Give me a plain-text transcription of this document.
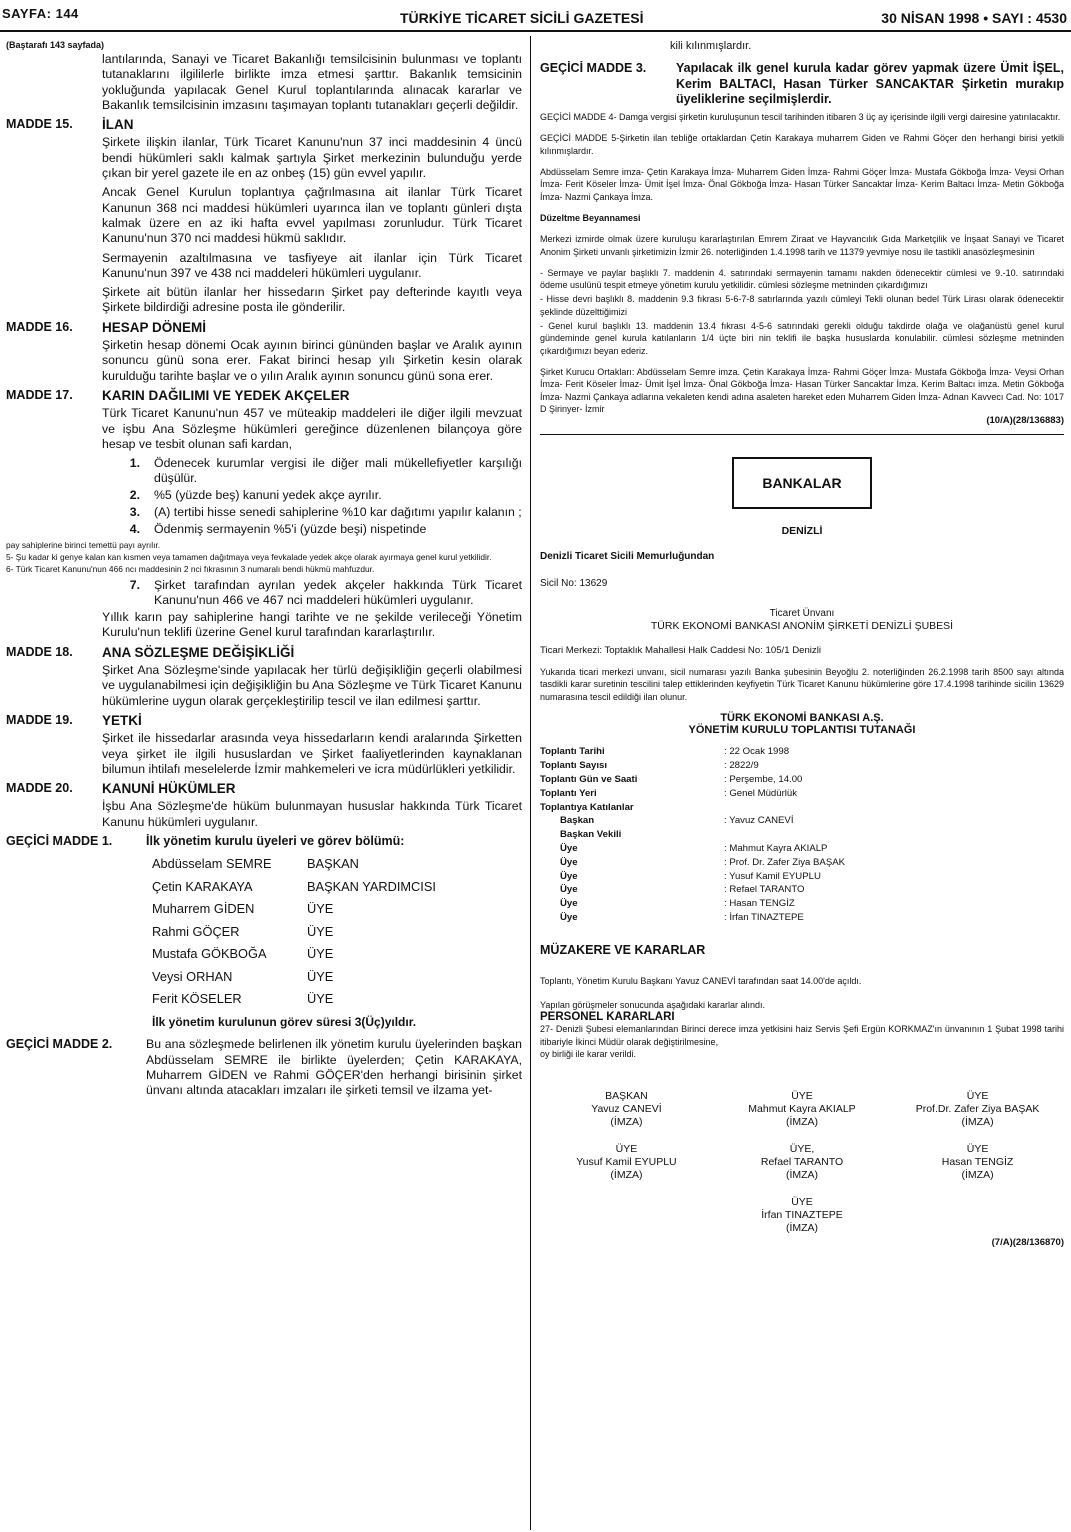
SAYFA: 144	TÜRKİYE TİCARET SİCİLİ GAZETESİ	30 NİSAN 1998 • SAYI : 4530
(Baştarafı 143 sayfada)

lantılarında, Sanayi ve Ticaret Bakanlığı temsilcisinin bulunması ve toplantı tutanaklarını ilgililerle birlikte imza etmesi şarttır. Bakanlık temsicinin yokluğunda yapılacak Genel Kurul toplantılarında alınacak kararlar ve Bakanlık temsilcisinin imzasını taşımayan toplantı tutanakları geçerli değildir.

MADDE 15.	İLAN

Şirkete ilişkin ilanlar, Türk Ticaret Kanunu'nun 37 inci maddesinin 4 üncü bendi hükümleri saklı kalmak şartıyla Şirket merkezinin bulunduğu yerde çıkan bir yerel gazete ile en az onbeş (15) gün evvel yapılır.

Ancak Genel Kurulun toplantıya çağrılmasına ait ilanlar Türk Ticaret Kanunun 368 nci maddesi hükümleri uyarınca ilan ve toplantı günleri dışta kalmak üzere en az iki hafta evvel yapılması zorunludur. Türk Ticaret Kanunu'nun 370 nci maddesi hükmü saklıdır.

Sermayenin azaltılmasına ve tasfiyeye ait ilanlar için Türk Ticaret Kanunu'nun 397 ve 438 nci maddeleri hükümleri uygulanır.

Şirkete ait bütün ilanlar her hissedarın Şirket pay defterinde kayıtlı veya Şirkete bildirdiği adresine posta ile gönderilir.

MADDE 16.	HESAP DÖNEMİ

Şirketin hesap dönemi Ocak ayının birinci gününden başlar ve Aralık ayının sonuncu günü sona erer. Fakat birinci hesap yılı Şirketin kesin olarak kurulduğu tarihte başlar ve o yılın Aralık ayının sonuncu günü sona erer.

MADDE 17.	KARIN DAĞILIMI VE YEDEK AKÇELER

Türk Ticaret Kanunu'nun 457 ve müteakip maddeleri ile diğer ilgili mevzuat ve işbu Ana Sözleşme hükümleri gereğince düzenlenen bilançoya göre hesap ve tesbit olunan safi kardan,

1.	Ödenecek kurumlar vergisi ile diğer mali mükellefiyetler karşılığı düşülür.
2.	%5 (yüzde beş) kanuni yedek akçe ayrılır.
3.	(A) tertibi hisse senedi sahiplerine %10 kar dağıtımı yapılır kalanın ;
4.	Ödenmiş sermayenin %5'i (yüzde beşi) nispetinde

pay sahiplerine birinci temettü payı ayrılır.

5- Şu kadar ki genye kalan kan kısmen veya tamamen dağıtmaya veya fevkalade yedek akçe olarak ayırmaya genel kurul yetkilidir.

6- Türk Ticaret Kanunu'nun 466 ncı maddesinin 2 nci fıkrasının 3 numaralı bendi hükmü mahfuzdur.

7.	Şirket tarafından ayrılan yedek akçeler hakkında Türk Ticaret Kanunu'nun 466 ve 467 nci maddeleri hükümleri uygulanır.

Yıllık karın pay sahiplerine hangi tarihte ve ne şekilde verileceği Yönetim Kurulu'nun teklifi üzerine Genel kurul tarafından kararlaştırılır.

MADDE 18.	ANA SÖZLEŞME DEĞİŞİKLİĞİ

Şirket Ana Sözleşme'sinde yapılacak her türlü değişikliğin geçerli olabilmesi ve uygulanabilmesi için değişikliğin bu Ana Sözleşme ve Türk Ticaret Kanunu hükümlerine uygun olarak gerçekleştirilip tescil ve ilan edilmesi şarttır.

MADDE 19.	YETKİ

Şirket ile hissedarlar arasında veya hissedarların kendi aralarında Şirketten veya şirket ile ilgili hususlardan ve Şirket faaliyetlerinden kaynaklanan bilumun ihtilafı meselelerde İzmir mahkemeleri ve icra müdürlükleri yetkilidir.

MADDE 20.	KANUNİ HÜKÜMLER

İşbu Ana Sözleşme'de hüküm bulunmayan hususlar hakkında Türk Ticaret Kanunu hükümleri uygulanır.

GEÇİCİ MADDE 1.	İlk yönetim kurulu üyeleri ve görev bölümü:
Abdüsselam SEMRE	BAŞKAN
Çetin KARAKAYA	BAŞKAN YARDIMCISI
Muharrem GİDEN	ÜYE
Rahmi GÖÇER	ÜYE
Mustafa GÖKBOĞA	ÜYE
Veysi ORHAN	ÜYE
Ferit KÖSELER	ÜYE
İlk yönetim kurulunun görev süresi 3(Üç)yıldır.
GEÇİCİ MADDE 2.	Bu ana sözleşmede belirlenen ilk yönetim kurulu üyelerinden başkan Abdüsselam SEMRE ile birlikte üyelerden; Çetin KARAKAYA, Muharrem GİDEN ve Rahmi GÖÇER'den herhangi birisinin şirket ünvanı altında atacakları imzaları ile şirketi temsil ve ilzama yet-

kili kılınmışlardır.

GEÇİCİ MADDE 3.	Yapılacak ilk genel kurula kadar görev yapmak üzere Ümit İŞEL, Kerim BALTACI, Hasan Türker SANCAKTAR Şirketin murakıp üyeliklerine seçilmişlerdir.

GEÇİCİ MADDE 4- Damga vergisi şirketin kuruluşunun tescil tarihinden itibaren 3 üç ay içerisinde ilgili vergi dairesine yatırılacaktır.

GEÇİCİ MADDE 5-Şirketin ilan tebliğe ortaklardan Çetin Karakaya muharrem Giden ve Rahmi Göçer den herhangi birisi yetkili kılınmışlardır.

Abdüsselam Semre imza- Çetin Karakaya İmza- Muharrem Giden İmza- Rahmi Göçer İmza- Mustafa Gökboğa İmza- Veysi Orhan İmza- Ferit Köseler İmza- Ümit İşel İmza- Önal Gökboğa İmza- Hasan Türker Sancaktar İmza- Kerim Baltacı İmza- Metin Gökboğa İmza- Nazmi Çankaya İmza.

Düzeltme Beyannamesi

Merkezi izmirde olmak üzere kuruluşu kararlaştırılan Emrem Ziraat ve Hayvancılık Gıda Marketçilik ve İnşaat Sanayi ve Ticaret Anonim Şirketi unvanlı şirketimizin İzmir 26. noterliğinden 1.4.1998 tarih ve 11379 yevmiye nosu ile tastikli anasözleşmesinin

- Sermaye ve paylar başlıklı 7. maddenin 4. satırındaki sermayenin tamamı nakden ödenecektir cümlesi ve 9.-10. satırındaki ödeme usulünü tespit etmeye yönetim kurulu yetkilidir. cümlesi sözleşme metninden çıkardığımızı

- Hisse devri başlıklı 8. maddenin 9.3 fıkrası 5-6-7-8 satırlarında yazılı cümleyi Tekli olunan bedel Türk Lirası olarak ödenecektir şeklinde düzelttiğimizi

- Genel kurul başlıklı 13. maddenin 13.4 fıkrası 4-5-6 satırındaki gerekli olduğu takdirde olağa ve olağanüstü genel kurul gündeminde genel kurula katılanların 1/4 üçte biri nin teklifi ile başka hususlarda konulabilir. cümlesi sözleşme metninden çıkardığımızı beyan ederiz.

Şirket Kurucu Ortakları: Abdüsselam Semre imza. Çetin Karakaya İmza- Rahmi Göçer İmza- Mustafa Gökboğa İmza- Veysi Orhan İmza- Ferit Köseler İmaz- Ümit İşel İmza- Önal Gökboğa İmza- Hasan Türker Sancaktar İmza. Kerim Baltacı imza. Metin Gökboğa İmza- Nazmi Çankaya adlarına vekaleten kendi adına asaleten hareket eden Muharrem Giden İmza- Adnan Kavvecı Cad. No: 1017 D Şirinyer- İzmir

(10/A)(28/136883)
BANKALAR

DENİZLİ

Denizli Ticaret Sicili Memurluğundan

Sicil No: 13629

Ticaret Ünvanı

TÜRK EKONOMİ BANKASI ANONİM ŞİRKETİ DENİZLİ ŞUBESİ

Ticari Merkezi: Toptaklık Mahallesi Halk Caddesi No: 105/1 Denizli

Yukarıda ticari merkezi unvanı, sicil numarası yazılı Banka şubesinin Beyoğlu 2. noterliğinden 26.2.1998 tarih 8500 sayı altında tasdikli karar suretinin tescilini talep ettiklerinden keyfiyetin Türk Ticaret Kanunu hükümlerine göre 17.4.1998 tarihinde sicilin 13629 numarasına tescil edildiği ilan olunur.

TÜRK EKONOMİ BANKASI A.Ş.

YÖNETİM KURULU TOPLANTISI TUTANAĞI

Toplantı Tarihi	: 22 Ocak 1998
Toplantı Sayısı	: 2822/9
Toplantı Gün ve Saati	: Perşembe, 14.00
Toplantı Yeri	: Genel Müdürlük
Toplantıya Katılanlar
Başkan	: Yavuz CANEVİ
Başkan Vekili
Üye	: Mahmut Kayra AKIALP
Üye	: Prof. Dr. Zafer Ziya BAŞAK
Üye	: Yusuf Kamil EYUPLU
Üye	: Refael TARANTO
Üye	: Hasan TENGİZ
Üye	: İrfan TINAZTEPE

MÜZAKERE VE KARARLAR

Toplantı, Yönetim Kurulu Başkanı Yavuz CANEVİ tarafından saat 14.00'de açıldı.

Yapılan görüşmeler sonucunda aşağıdaki kararlar alındı.

PERSONEL KARARLARI

27- Denizli Şubesi elemanlarından Birinci derece imza yetkisini haiz Servis Şefi Ergün KORKMAZ'ın ünvanının 1 Şubat 1998 tarihi itibariyle İkinci Müdür olarak değiştirilmesine,

oy birliği ile karar verildi.

BAŞKAN
Yavuz CANEVİ
(İMZA)
ÜYE
Mahmut Kayra AKIALP
(İMZA)
ÜYE
Prof.Dr. Zafer Ziya BAŞAK
(İMZA)
ÜYE
Yusuf Kamil EYUPLU
(İMZA)
ÜYE,
Refael TARANTO
(İMZA)
ÜYE
Hasan TENGİZ
(İMZA)
ÜYE
İrfan TINAZTEPE
(İMZA)
(7/A)(28/136870)
